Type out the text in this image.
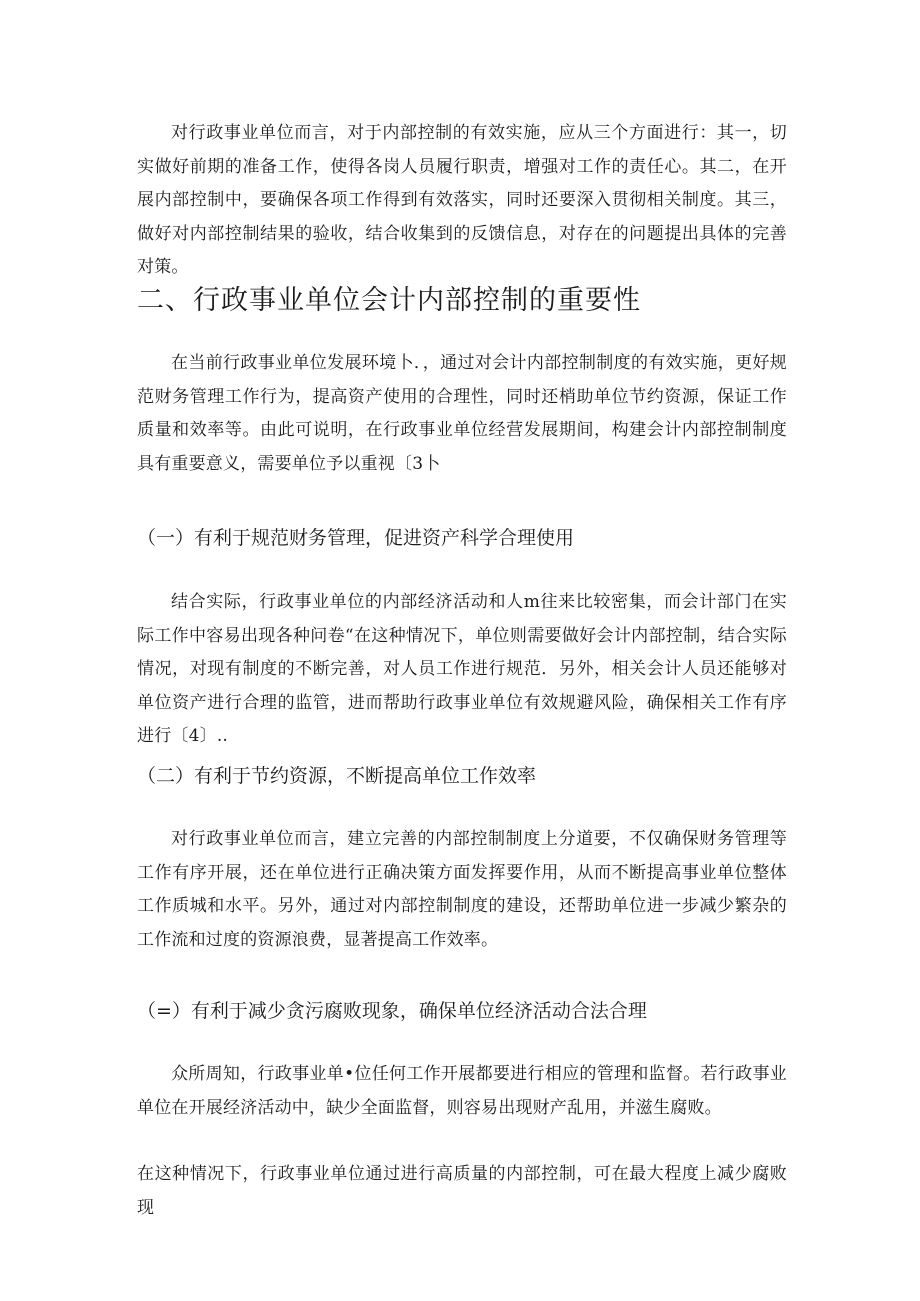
对行政事业单位而言，对于内部控制的有效实施，应从三个方面进行：其一，切实做好前期的准备工作，使得各岗人员履行职责，增强对工作的责任心。其二，在开展内部控制中，要确保各项工作得到有效落实，同时还要深入贯彻相关制度。其三，做好对内部控制结果的验收，结合收集到的反馈信息，对存在的问题提出具体的完善对策。

二、行政事业单位会计内部控制的重要性

在当前行政事业单位发展环境卜．，通过对会计内部控制制度的有效实施，更好规范财务管理工作行为，提高资产使用的合理性，同时还梢助单位节约资源，保证工作质量和效率等。由此可说明，在行政事业单位经营发展期间，构建会计内部控制制度具有重要意义，需要单位予以重视〔3卜

（一）有利于规范财务管理，促进资产科学合理使用

结合实际，行政事业单位的内部经济活动和人m往来比较密集，而会计部门在实际工作中容易出现各种问卷“在这种情况下，单位则需要做好会计内部控制，结合实际情况，对现有制度的不断完善，对人员工作进行规范．另外，相关会计人员还能够对单位资产进行合理的监管，进而帮助行政事业单位有效规避风险，确保相关工作有序进行〔4〕..

（二）有利于节约资源，不断提高单位工作效率

对行政事业单位而言，建立完善的内部控制制度上分道要，不仅确保财务管理等工作有序开展，还在单位进行正确决策方面发挥要作用，从而不断提高事业单位整体工作质城和水平。另外，通过对内部控制制度的建设，还帮助单位进一步减少繁杂的工作流和过度的资源浪费，显著提高工作效率。

（=）有利于减少贪污腐败现象，确保单位经济活动合法合理

众所周知，行政事业单•位任何工作开展都要进行相应的管理和监督。若行政事业单位在开展经济活动中，缺少全面监督，则容易出现财产乱用，并滋生腐败。

在这种情况下，行政事业单位通过进行高质量的内部控制，可在最大程度上减少腐败现
